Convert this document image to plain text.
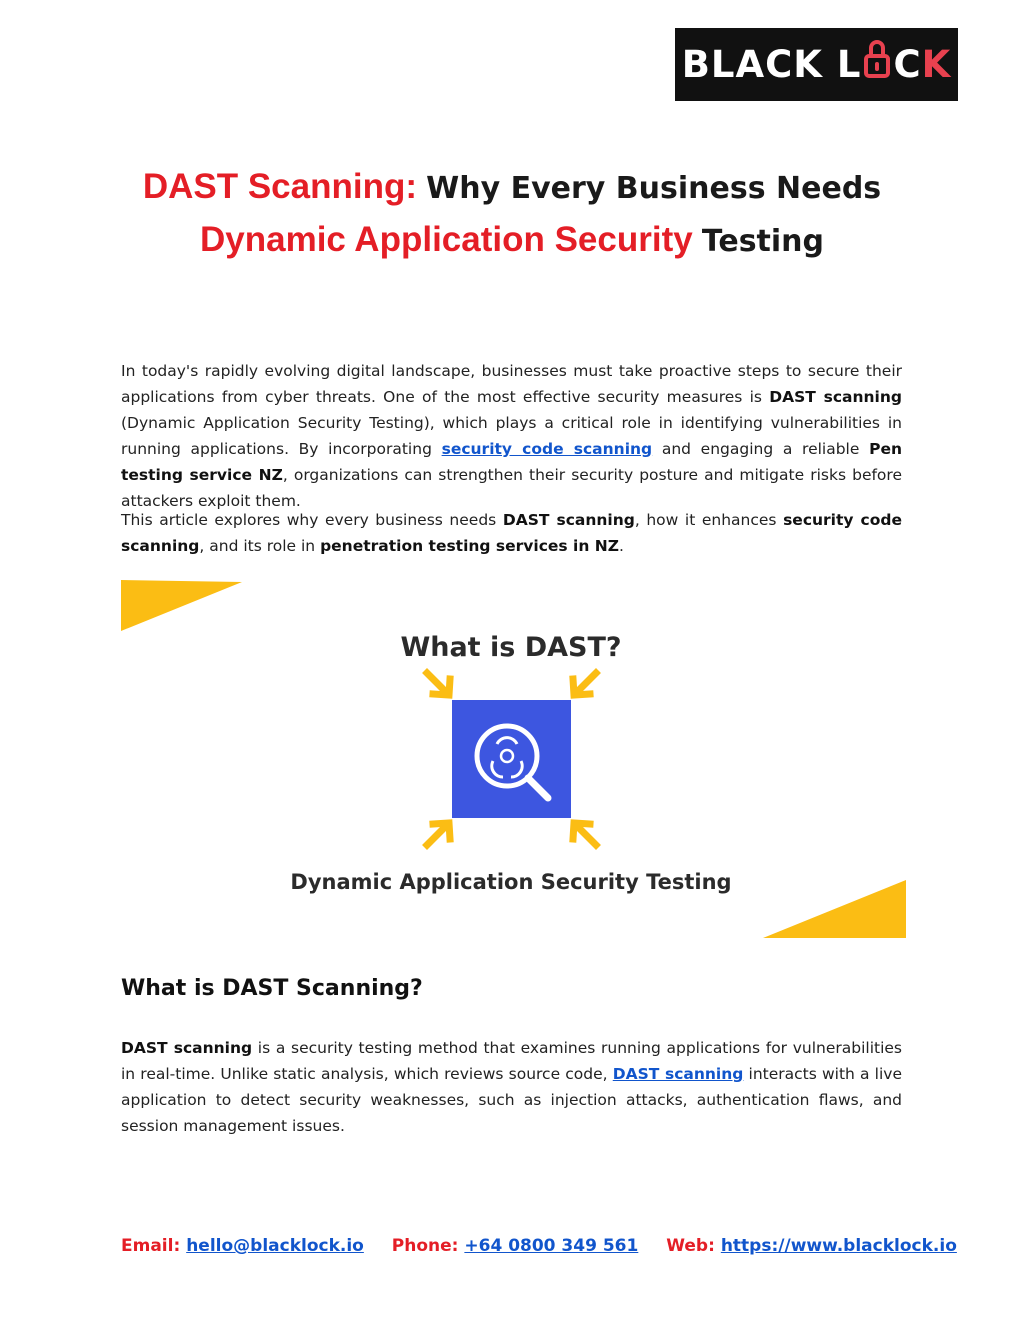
BLACK L C K
DAST Scanning: Why Every Business Needs
Dynamic Application Security Testing

In today's rapidly evolving digital landscape, businesses must take proactive steps to secure their applications from cyber threats. One of the most effective security measures is DAST scanning (Dynamic Application Security Testing), which plays a critical role in identifying vulnerabilities in running applications. By incorporating security code scanning and engaging a reliable Pen testing service NZ, organizations can strengthen their security posture and mitigate risks before attackers exploit them.

This article explores why every business needs DAST scanning, how it enhances security code scanning, and its role in penetration testing services in NZ.

What is DAST?
Dynamic Application Security Testing
What is DAST Scanning?

DAST scanning is a security testing method that examines running applications for vulnerabilities in real-time. Unlike static analysis, which reviews source code, DAST scanning interacts with a live application to detect security weaknesses, such as injection attacks, authentication flaws, and session management issues.

Email: hello@blacklock.io Phone: +64 0800 349 561 Web: https://www.blacklock.io
